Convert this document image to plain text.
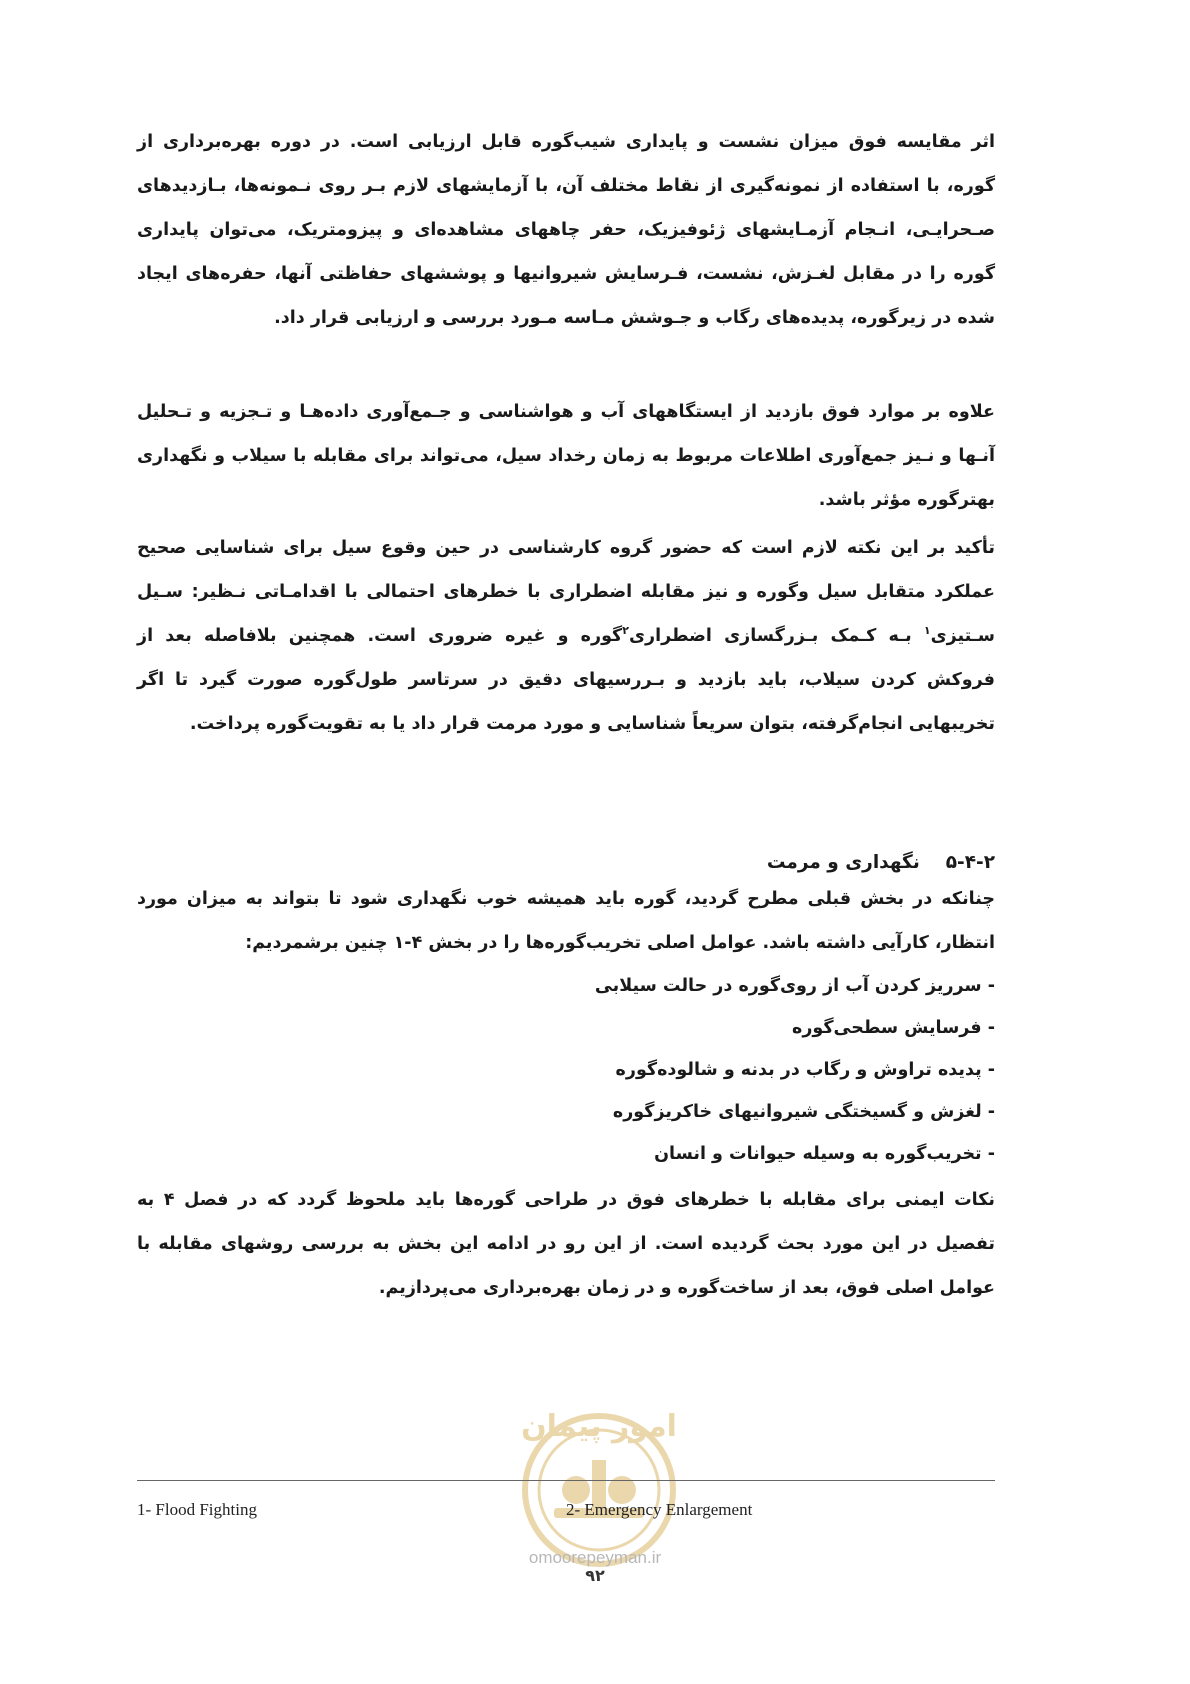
اثر مقایسه فوق میزان نشست و پایداری شیب‌گوره قابل ارزیابی است. در دوره بهره‌برداری از گوره، با استفاده از نمونه‌گیری از نقاط مختلف آن، با آزمایشهای لازم بـر روی نـمونه‌ها، بـازدیدهای صـحرایـی، انـجام آزمـایشهای ژئوفیزیک، حفر چاههای مشاهده‌ای و پیزومتریک، می‌توان پایداری گوره را در مقابل لغـزش، نشست، فـرسایش شیروانیها و پوششهای حفاظتی آنها، حفره‌های ایجاد شده در زیرگوره، پدیده‌های رگاب و جـوشش مـاسه مـورد بررسی و ارزیابی قرار داد.

علاوه بر موارد فوق بازدید از ایستگاههای آب و هواشناسی و جـمع‌آوری داده‌هـا و تـجزیه و تـحلیل آنـها و نـیز جمع‌آوری اطلاعات مربوط به زمان رخداد سیل، می‌تواند برای مقابله با سیلاب و نگهداری بهترگوره مؤثر باشد.

تأکید بر این نکته لازم است که حضور گروه کارشناسی در حین وقوع سیل برای شناسایی صحیح عملکرد متقابل سیل وگوره و نیز مقابله اضطراری با خطرهای احتمالی با اقدامـاتی نـظیر: سـیل سـتیزی$^۱$ بـه کـمک بـزرگسازی اضطراری$^۲$گوره و غیره ضروری است. همچنین بلافاصله بعد از فروکش کردن سیلاب، باید بازدید و بـررسیهای دقیق در سرتاسر طول‌گوره صورت گیرد تا اگر تخریبهایی انجام‌گرفته، بتوان سریعاً شناسایی و مورد مرمت قرار داد یا به تقویت‌گوره پرداخت.

۵-۴-۲نگهداری و مرمت

چنانکه در بخش قبلی مطرح گردید، گوره باید همیشه خوب نگهداری شود تا بتواند به میزان مورد انتظار، کارآیی داشته باشد. عوامل اصلی تخریب‌گوره‌ها را در بخش ۴-۱ چنین برشمردیم:

- سرریز کردن آب از روی‌گوره در حالت سیلابی
- فرسایش سطحی‌گوره
- پدیده تراوش و رگاب در بدنه و شالوده‌گوره
- لغزش و گسیختگی شیروانیهای خاکریزگوره
- تخریب‌گوره به وسیله حیوانات و انسان

نکات ایمنی برای مقابله با خطرهای فوق در طراحی گوره‌ها باید ملحوظ گردد که در فصل ۴ به تفصیل در این مورد بحث گردیده است. از این رو در ادامه این بخش به بررسی روشهای مقابله با عوامل اصلی فوق، بعد از ساخت‌گوره و در زمان بهره‌برداری می‌پردازیم.

امور پیمان
1- Flood Fighting	2- Emergency Enlargement
omoorepeyman.ir
۹۲
